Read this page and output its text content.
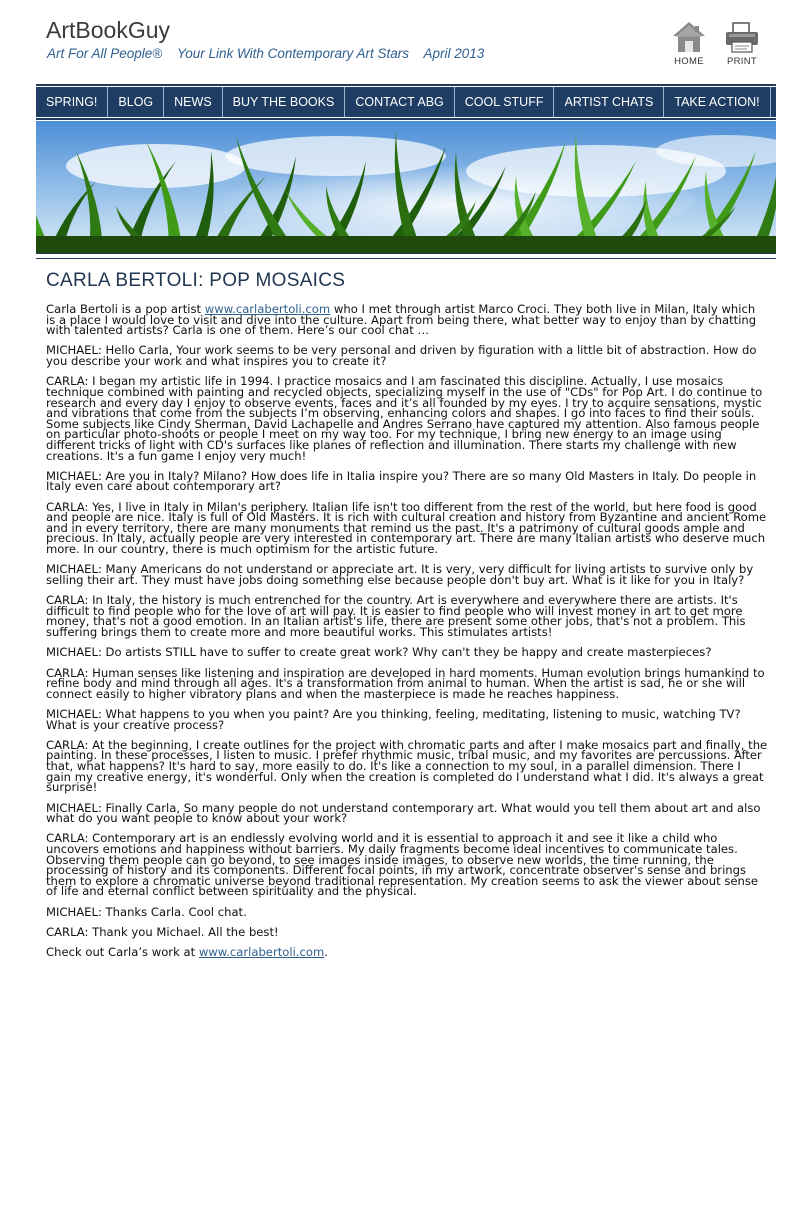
ArtBookGuy
Art For All People®    Your Link With Contemporary Art Stars    April 2013
HOME	PRINT
SPRING!	BLOG	NEWS	BUY THE BOOKS	CONTACT ABG	COOL STUFF	ARTIST CHATS	TAKE ACTION!
CARLA BERTOLI: POP MOSAICS

Carla Bertoli is a pop artist www.carlabertoli.com who I met through artist Marco Croci. They both live in Milan, Italy which is a place I would love to visit and dive into the culture. Apart from being there, what better way to enjoy than by chatting with talented artists? Carla is one of them. Here’s our cool chat …

MICHAEL: Hello Carla, Your work seems to be very personal and driven by figuration with a little bit of abstraction. How do you describe your work and what inspires you to create it?

CARLA: I began my artistic life in 1994. I practice mosaics and I am fascinated this discipline. Actually, I use mosaics technique combined with painting and recycled objects, specializing myself in the use of "CDs" for Pop Art. I do continue to research and every day I enjoy to observe events, faces and it’s all founded by my eyes. I try to acquire sensations, mystic and vibrations that come from the subjects I’m observing, enhancing colors and shapes. I go into faces to find their souls. Some subjects like Cindy Sherman, David Lachapelle and Andres Serrano have captured my attention. Also famous people on particular photo-shoots or people I meet on my way too. For my technique, I bring new energy to an image using different tricks of light with CD's surfaces like planes of reflection and illumination. There starts my challenge with new creations. It's a fun game I enjoy very much!

MICHAEL: Are you in Italy? Milano? How does life in Italia inspire you? There are so many Old Masters in Italy. Do people in Italy even care about contemporary art?

CARLA: Yes, I live in Italy in Milan's periphery. Italian life isn't too different from the rest of the world, but here food is good and people are nice. Italy is full of Old Masters. It is rich with cultural creation and history from Byzantine and ancient Rome and in every territory, there are many monuments that remind us the past. It's a patrimony of cultural goods ample and precious. In Italy, actually people are very interested in contemporary art. There are many Italian artists who deserve much more. In our country, there is much optimism for the artistic future.

MICHAEL: Many Americans do not understand or appreciate art. It is very, very difficult for living artists to survive only by selling their art. They must have jobs doing something else because people don't buy art. What is it like for you in Italy?

CARLA: In Italy, the history is much entrenched for the country. Art is everywhere and everywhere there are artists. It's difficult to find people who for the love of art will pay. It is easier to find people who will invest money in art to get more money, that's not a good emotion. In an Italian artist's life, there are present some other jobs, that's not a problem. This suffering brings them to create more and more beautiful works. This stimulates artists!

MICHAEL: Do artists STILL have to suffer to create great work? Why can't they be happy and create masterpieces?

CARLA: Human senses like listening and inspiration are developed in hard moments. Human evolution brings humankind to refine body and mind through all ages. It's a transformation from animal to human. When the artist is sad, he or she will connect easily to higher vibratory plans and when the masterpiece is made he reaches happiness.

MICHAEL: What happens to you when you paint? Are you thinking, feeling, meditating, listening to music, watching TV? What is your creative process?

CARLA: At the beginning, I create outlines for the project with chromatic parts and after I make mosaics part and finally, the painting. In these processes, I listen to music. I prefer rhythmic music, tribal music, and my favorites are percussions. After that, what happens? It's hard to say, more easily to do. It's like a connection to my soul, in a parallel dimension. There I gain my creative energy, it's wonderful. Only when the creation is completed do I understand what I did. It's always a great surprise!

MICHAEL: Finally Carla, So many people do not understand contemporary art. What would you tell them about art and also what do you want people to know about your work?

CARLA: Contemporary art is an endlessly evolving world and it is essential to approach it and see it like a child who uncovers emotions and happiness without barriers. My daily fragments become ideal incentives to communicate tales. Observing them people can go beyond, to see images inside images, to observe new worlds, the time running, the processing of history and its components. Different focal points, in my artwork, concentrate observer's sense and brings them to explore a chromatic universe beyond traditional representation. My creation seems to ask the viewer about sense of life and eternal conflict between spirituality and the physical.

MICHAEL: Thanks Carla. Cool chat.

CARLA: Thank you Michael. All the best!

Check out Carla’s work at www.carlabertoli.com.
